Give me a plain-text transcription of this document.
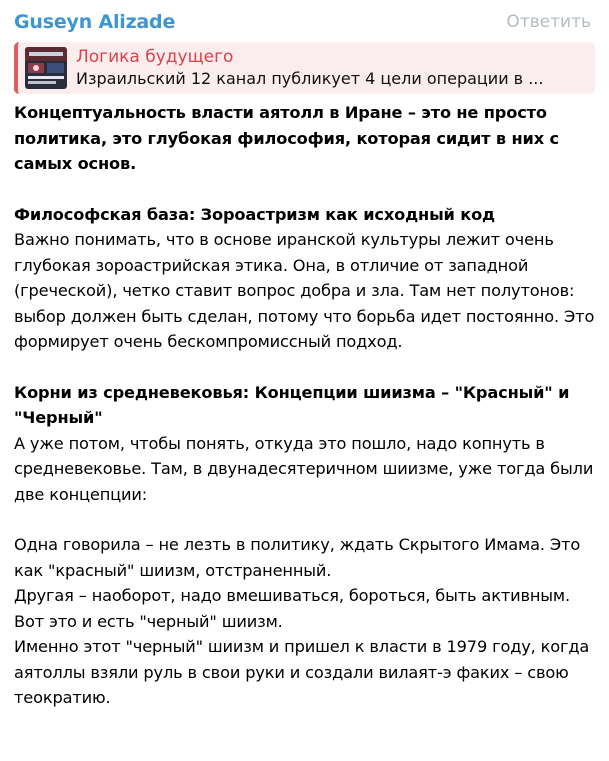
Guseyn Alizade	Ответить
Логика будущего
Израильский 12 канал публикует 4 цели операции в ...

Концептуальность власти аятолл в Иране – это не просто политика, это глубокая философия, которая сидит в них с самых основ.

Философская база: Зороастризм как исходный код

Важно понимать, что в основе иранской культуры лежит очень глубокая зороастрийская этика. Она, в отличие от западной (греческой), четко ставит вопрос добра и зла. Там нет полутонов: выбор должен быть сделан, потому что борьба идет постоянно. Это формирует очень бескомпромиссный подход.

Корни из средневековья: Концепции шиизма – "Красный" и "Черный"

А уже потом, чтобы понять, откуда это пошло, надо копнуть в средневековье. Там, в двунадесятеричном шиизме, уже тогда были две концепции:

Одна говорила – не лезть в политику, ждать Скрытого Имама. Это как "красный" шиизм, отстраненный.

Другая – наоборот, надо вмешиваться, бороться, быть активным. Вот это и есть "черный" шиизм.

Именно этот "черный" шиизм и пришел к власти в 1979 году, когда аятоллы взяли руль в свои руки и создали вилаят-э факих – свою теократию.
